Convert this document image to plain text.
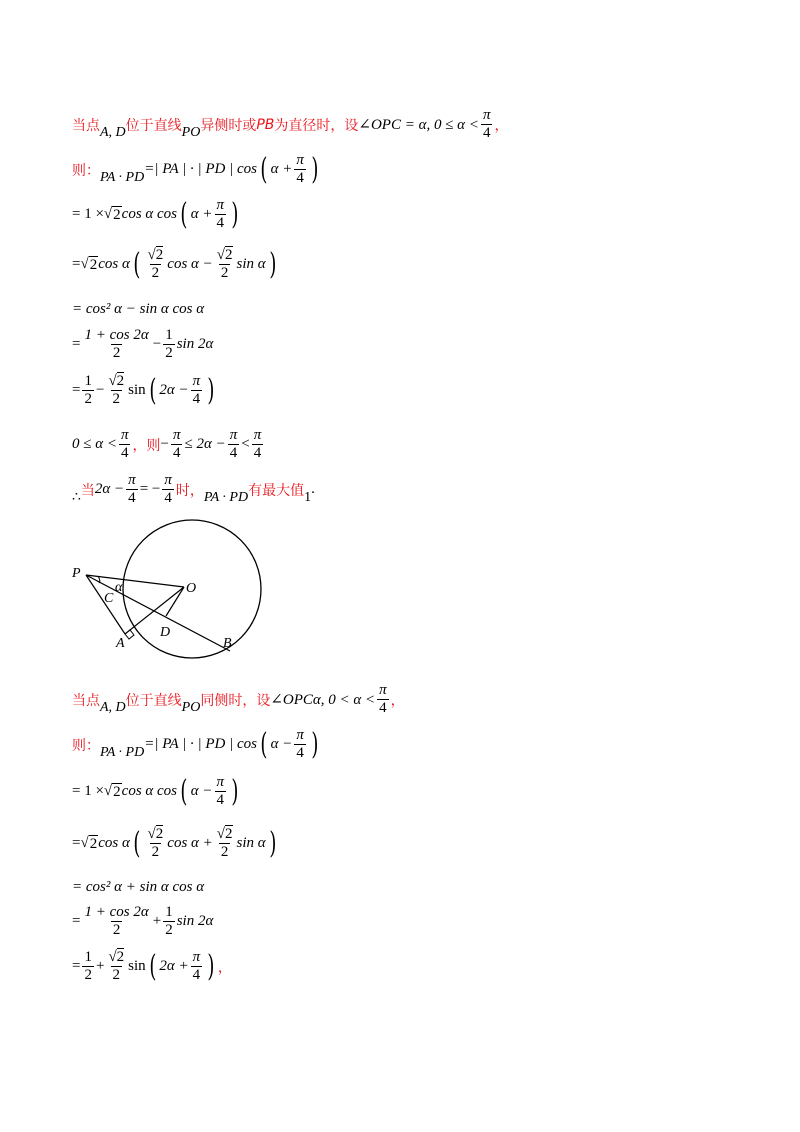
当点 A, D 位于直线 PO 异侧时或 PB 为直径时，设 ∠OPC = α, $0 \le \alpha < \frac{\pi}{4}$ ，
则： PA · PD =| PA | · | PD | cos ( $\alpha + \frac{\pi}{4}$ )
= 1 × √ 2 cos α cos ( $\alpha + \frac{\pi}{4}$ )
= √ 2 cos α ( $\frac{√2}{2}$ $\cos \alpha - \frac{√2}{2}$ sin α )
= cos² α − sin α cos α
= $\frac{1 + \cos 2\alpha}{2} - \frac{1}{2}$ sin 2α
= $\frac{1}{2} - \frac{√2}{2}$ sin ( $2\alpha - \frac{\pi}{4}$ )
$0 \le \alpha < \frac{\pi}{4}$ ，则 − $\frac{\pi}{4} \le 2\alpha - \frac{\pi}{4} < \frac{\pi}{4}$
∴ 当 $2\alpha - \frac{\pi}{4}$ = − $\frac{\pi}{4}$ 时， PA · PD 有最大值 1 .
P
O
α
C
A
D
B
当点 A, D 位于直线 PO 同侧时，设 ∠OPCα, $0 < \alpha < \frac{\pi}{4}$ ，
则： PA · PD =| PA | · | PD | cos ( $\alpha - \frac{\pi}{4}$ )
= 1 × √ 2 cos α cos ( $\alpha - \frac{\pi}{4}$ )
= √ 2 cos α ( $\frac{√2}{2}$ $\cos \alpha + \frac{√2}{2}$ sin α )
= cos² α + sin α cos α
= $\frac{1 + \cos 2\alpha}{2} + \frac{1}{2}$ sin 2α
= $\frac{1}{2} + \frac{√2}{2}$ sin ( $2\alpha + \frac{\pi}{4}$ ) ，
